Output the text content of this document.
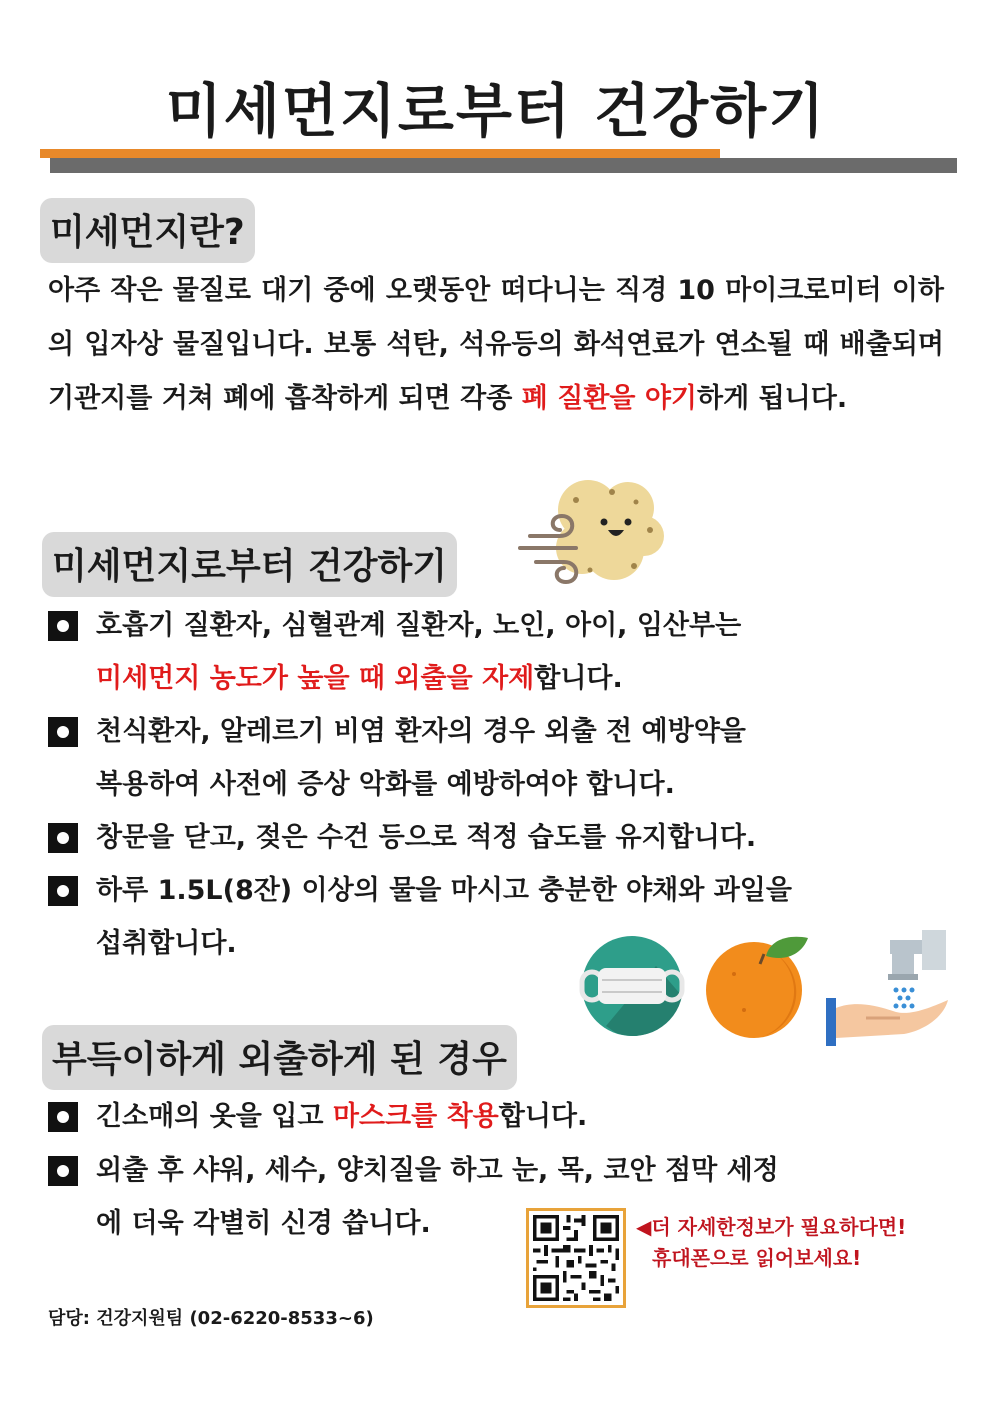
미세먼지로부터 건강하기
미세먼지란?
아주 작은 물질로 대기 중에 오랫동안 떠다니는 직경 10 마이크로미터 이하의 입자상 물질입니다. 보통 석탄, 석유등의 화석연료가 연소될 때 배출되며 기관지를 거쳐 폐에 흡착하게 되면 각종 폐 질환을 야기하게 됩니다.
미세먼지로부터 건강하기
호흡기 질환자, 심혈관계 질환자, 노인, 아이, 임산부는
미세먼지 농도가 높을 때 외출을 자제합니다.
천식환자, 알레르기 비염 환자의 경우 외출 전 예방약을
복용하여 사전에 증상 악화를 예방하여야 합니다.
창문을 닫고, 젖은 수건 등으로 적정 습도를 유지합니다.
하루 1.5L(8잔) 이상의 물을 마시고 충분한 야채와 과일을
섭취합니다.
부득이하게 외출하게 된 경우
긴소매의 옷을 입고 마스크를 착용합니다.
외출 후 샤워, 세수, 양치질을 하고 눈, 목, 코안 점막 세정
에 더욱 각별히 신경 씁니다.	◀더 자세한정보가 필요하다면!
휴대폰으로 읽어보세요!
담당: 건강지원팀 (02-6220-8533~6)
